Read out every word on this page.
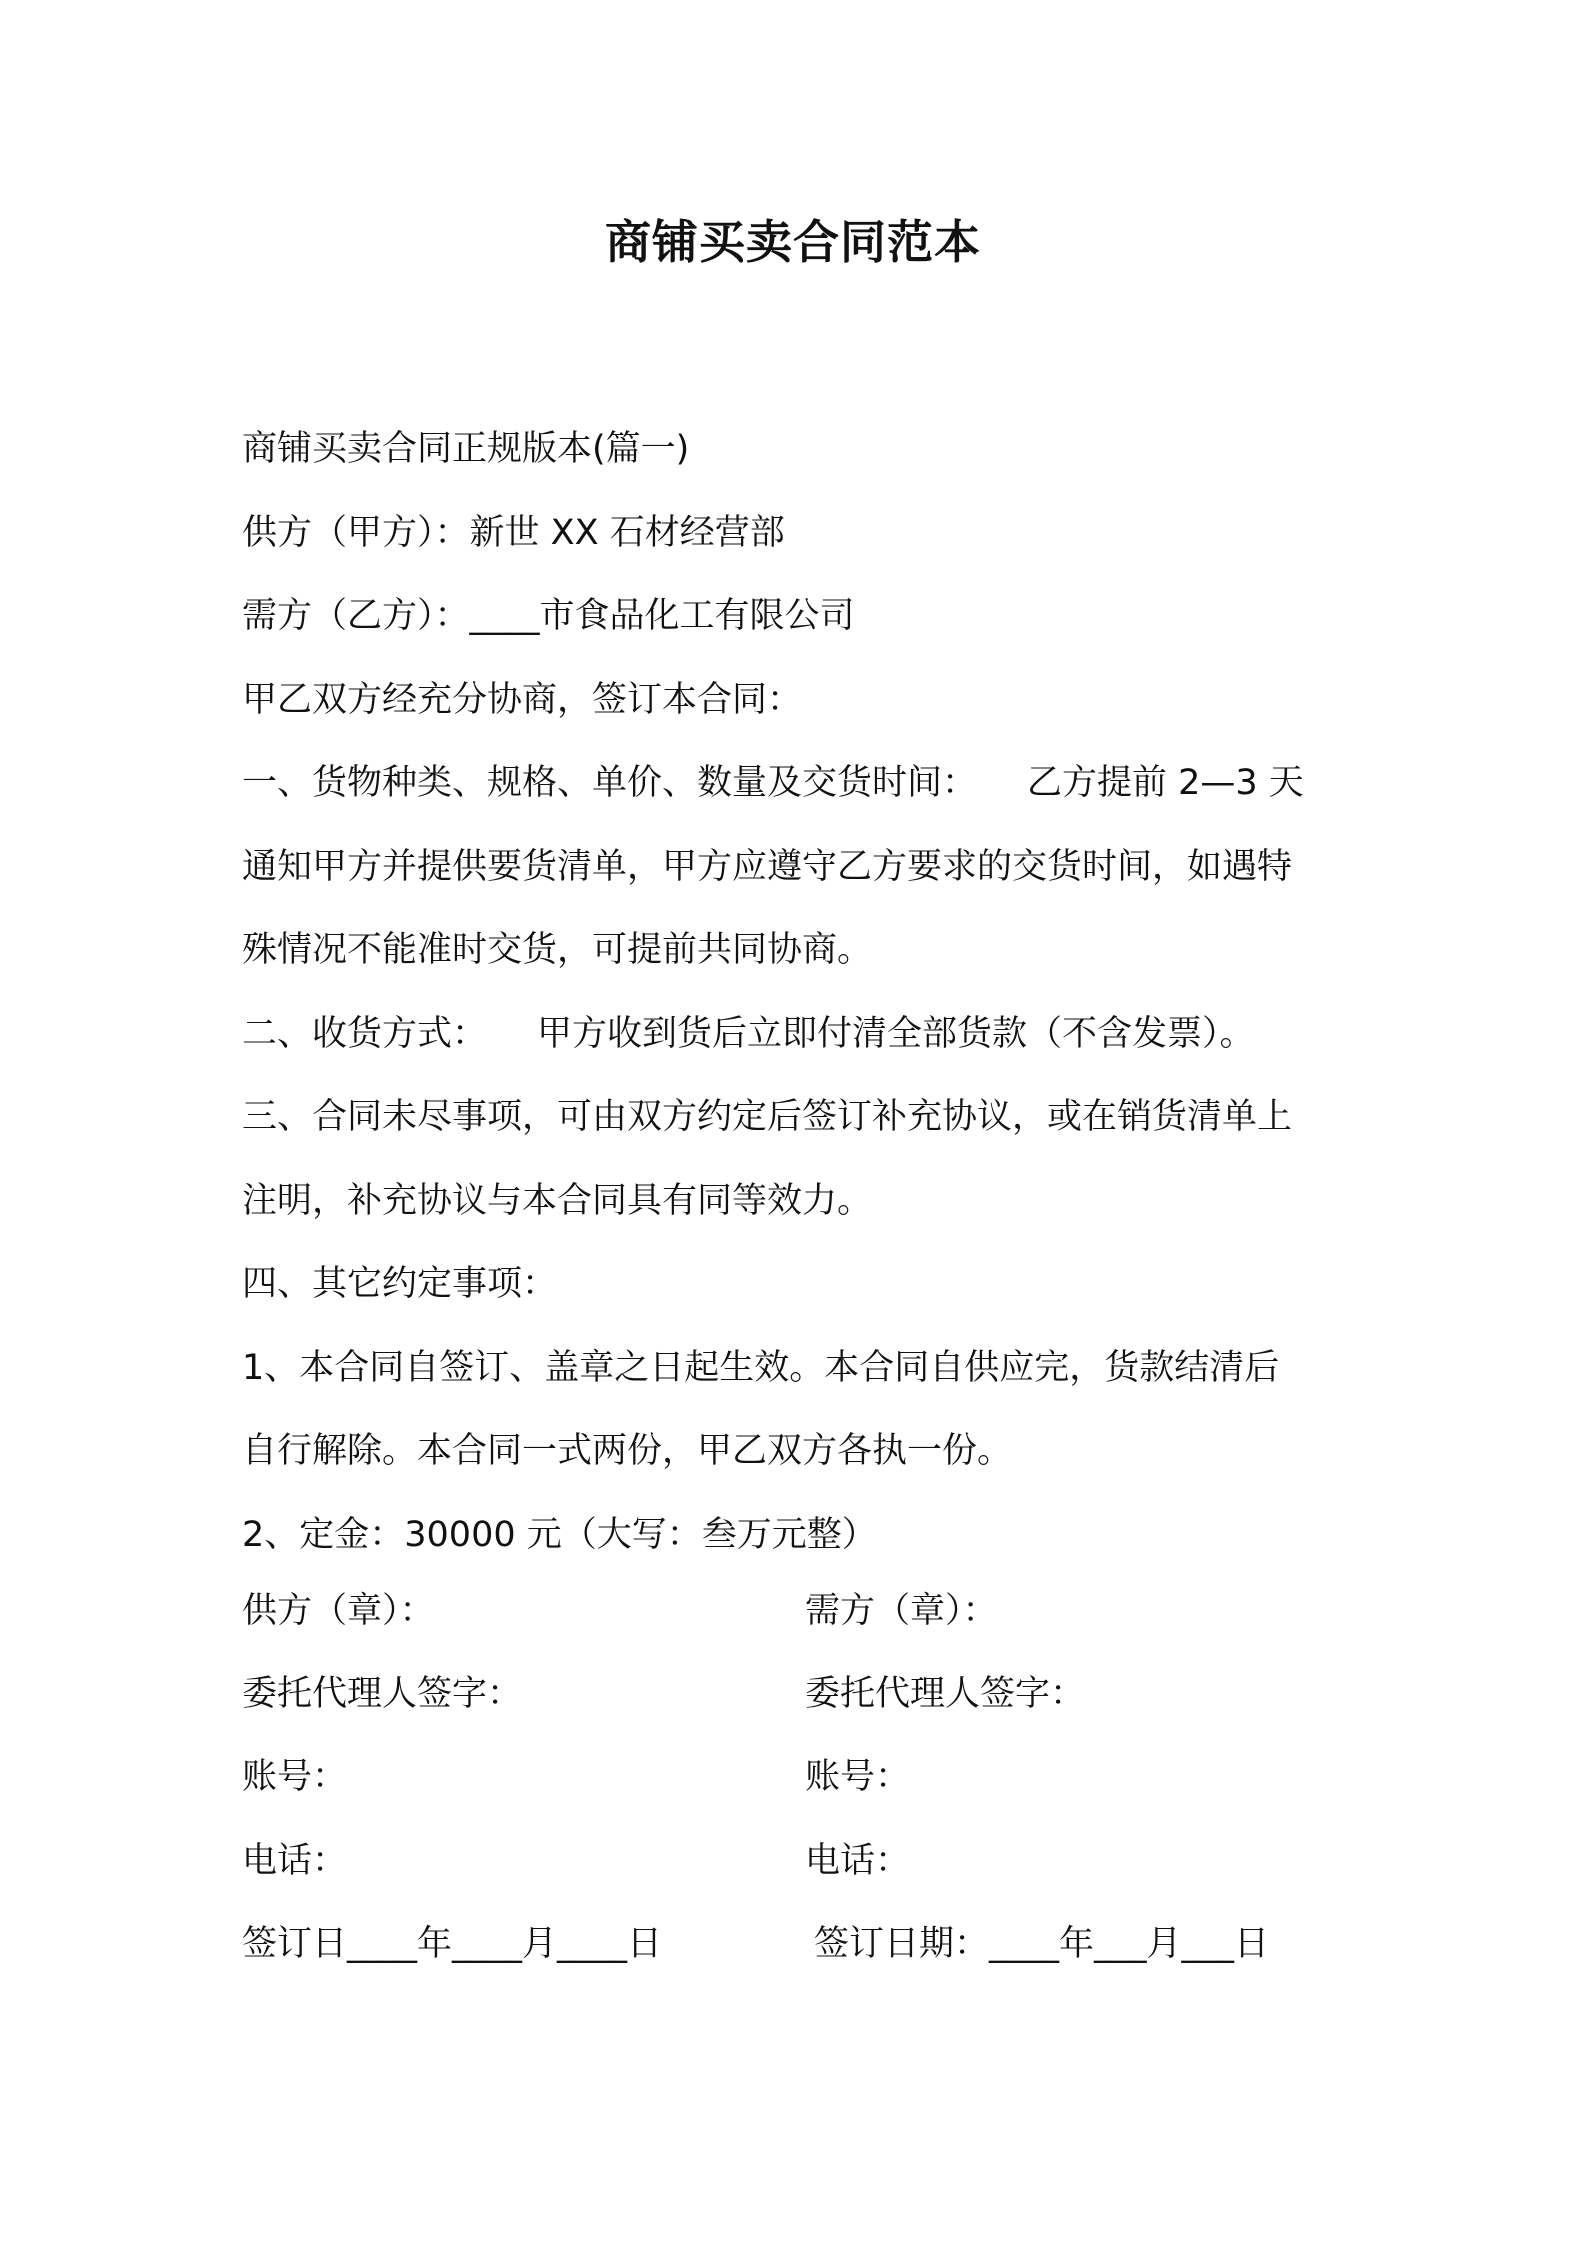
商铺买卖合同范本
商铺买卖合同正规版本(篇一)
供方（甲方）：新世 XX 石材经营部
需方（乙方）：____市食品化工有限公司
甲乙双方经充分协商，签订本合同：
一、货物种类、规格、单价、数量及交货时间： 乙方提前 2—3 天
通知甲方并提供要货清单，甲方应遵守乙方要求的交货时间，如遇特
殊情况不能准时交货，可提前共同协商。
二、收货方式： 甲方收到货后立即付清全部货款（不含发票）。
三、合同未尽事项，可由双方约定后签订补充协议，或在销货清单上
注明，补充协议与本合同具有同等效力。
四、其它约定事项：
1、本合同自签订、盖章之日起生效。本合同自供应完，货款结清后
自行解除。本合同一式两份，甲乙双方各执一份。
2、定金：30000 元（大写：叁万元整）
供方（章）：	需方（章）：
委托代理人签字：	委托代理人签字：
账号：	账号：
电话：	电话：
签订日____年____月____日	签订日期：____年___月___日
